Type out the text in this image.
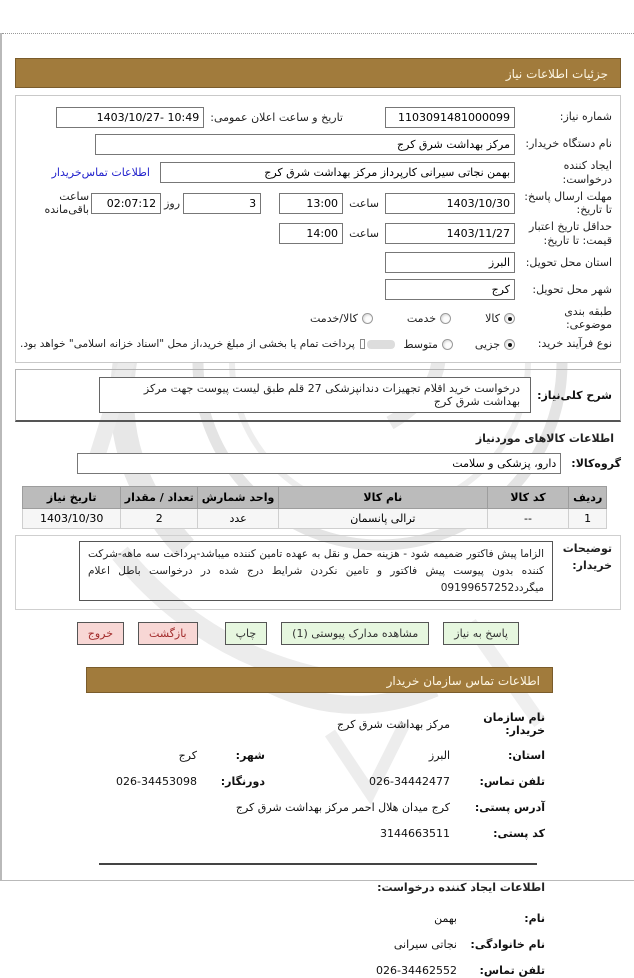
جزئیات اطلاعات نیاز
شماره نیاز:
1103091481000099
تاریخ و ساعت اعلان عمومی:
1403/10/27- 10:49
نام دستگاه خریدار:
مرکز بهداشت شرق کرج
ایجاد کننده درخواست:
بهمن نجاتی سیرانی کارپرداز مرکز بهداشت شرق کرج
اطلاعات تماس‌خریدار
مهلت ارسال پاسخ: تا تاریخ:
1403/10/30
ساعت
13:00
3
روز
02:07:12
ساعت باقی‌مانده
حداقل تاریخ اعتبار قیمت: تا تاریخ:
1403/11/27
ساعت
14:00
استان محل تحویل:
البرز
شهر محل تحویل:
کرج
طبقه بندی موضوعی:
کالا
خدمت
کالا/خدمت
نوع فرآیند خرید:
جزیی
متوسط
پرداخت تمام یا بخشی از مبلغ خرید،از محل "اسناد خزانه اسلامی" خواهد بود.
شرح کلی‌نیاز:
درخواست خرید اقلام تجهیزات دندانپزشکی 27 قلم طبق لیست پیوست جهت مرکز بهداشت شرق کرج
اطلاعات کالاهای موردنیاز
گروه‌کالا:
دارو، پزشکی و سلامت
ردیف	کد کالا	نام کالا	واحد شمارش	تعداد / مقدار	تاریخ نیاز
1	--	ترالی پانسمان	عدد	2	1403/10/30
توضیحات خریدار:
الزاما پیش فاکتور ضمیمه شود - هزینه حمل و نقل به عهده تامین کننده میباشد-پرداخت سه ماهه-شرکت کننده بدون پیوست پیش فاکتور و تامین نکردن شرایط درج شده در درخواست باطل اعلام میگردد09199657252
پاسخ به نیاز
مشاهده مدارک پیوستی (1)
چاپ
بازگشت
خروج
اطلاعات تماس سازمان خریدار
نام سازمان خریدار:
مرکز بهداشت شرق کرج
استان:
البرز
شهر:
کرج
تلفن تماس:
026-34442477
دورنگار:
026-34453098
آدرس پستی:
کرج میدان هلال احمر مرکز بهداشت شرق کرج
کد پستی:
3144663511
اطلاعات ایجاد کننده درخواست:
نام:
بهمن
نام خانوادگی:
نجاتی سیرانی
تلفن تماس:
026-34462552
